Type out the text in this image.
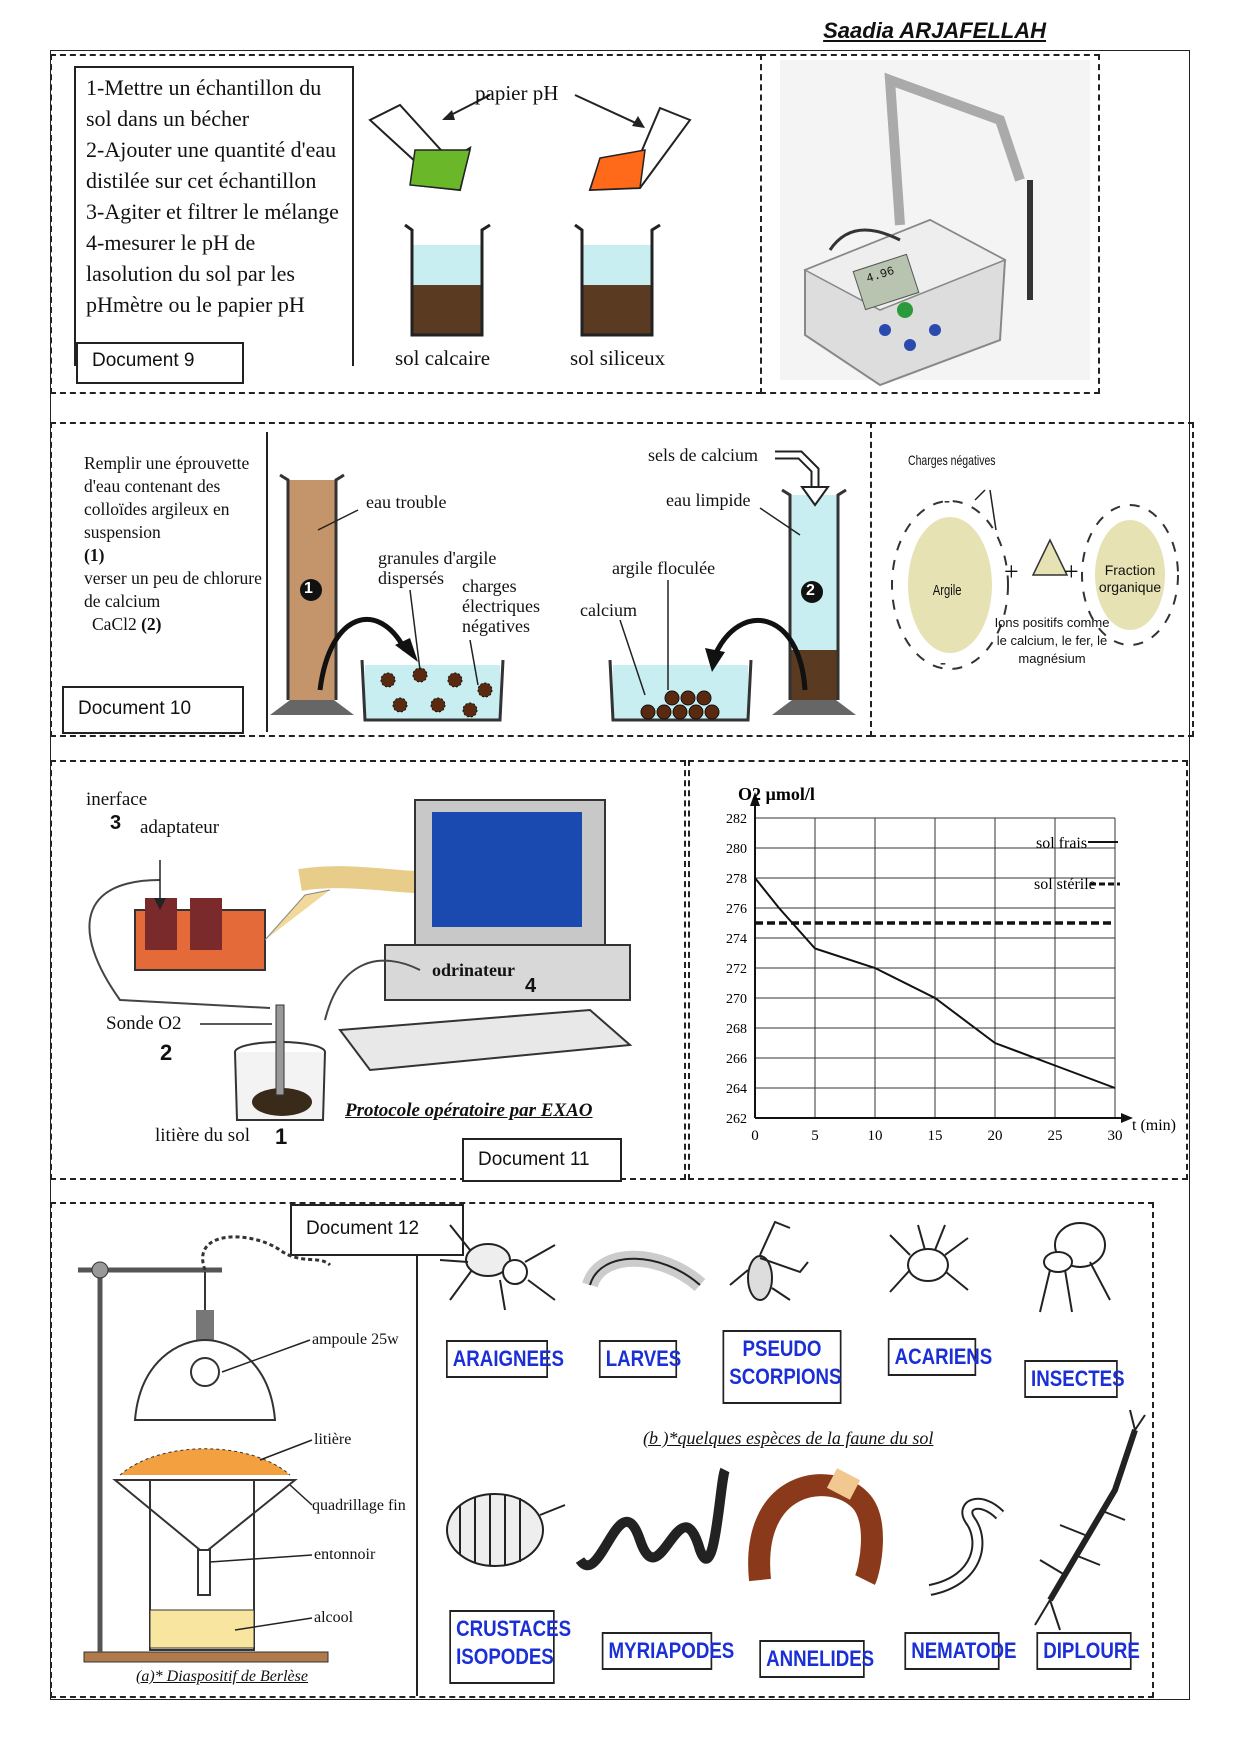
Saadia ARJAFELLAH
1-Mettre un échantillon du sol dans un bécher
2-Ajouter une quantité d'eau distilée sur cet échantillon
3-Agiter et filtrer le mélange
4-mesurer le pH de lasolution du sol par les pHmètre ou le papier pH
Document 9
papier pH
sol calcaire	sol siliceux
4.96
Remplir une éprouvette d'eau contenant des colloïdes argileux en suspension
(1)
verser un peu de chlorure de calcium
CaCl2 (2)
Document 10
eau trouble
granules d'argile dispersés	charges électriques négatives
sels de calcium
eau limpide
argile floculée
calcium
1	2
Charges négatives
-
-
Argile
+ +
Ions positifs comme le calcium, le fer, le magnésium
Fraction organique
inerface
3 adaptateur
odrinateur
4
Sonde O2
2
litière du sol 1
Protocole opératoire par EXAO
Document 11
262
264
266
268
270
272
274
276
278
280
282
0	5	10	15	20	25	30
O2 µmol/l
t (min)
sol frais
sol stérile
Document 12
ampoule 25w
litière
quadrillage fin
entonnoir
alcool
(a)* Diaspositif de Berlèse
(b )*quelques espèces de la faune du sol
ARAIGNEES	LARVES	PSEUDO SCORPIONS
ACARIENS
INSECTES
CRUSTACES ISOPODES	MYRIAPODES	ANNELIDES	NEMATODE	DIPLOURE
